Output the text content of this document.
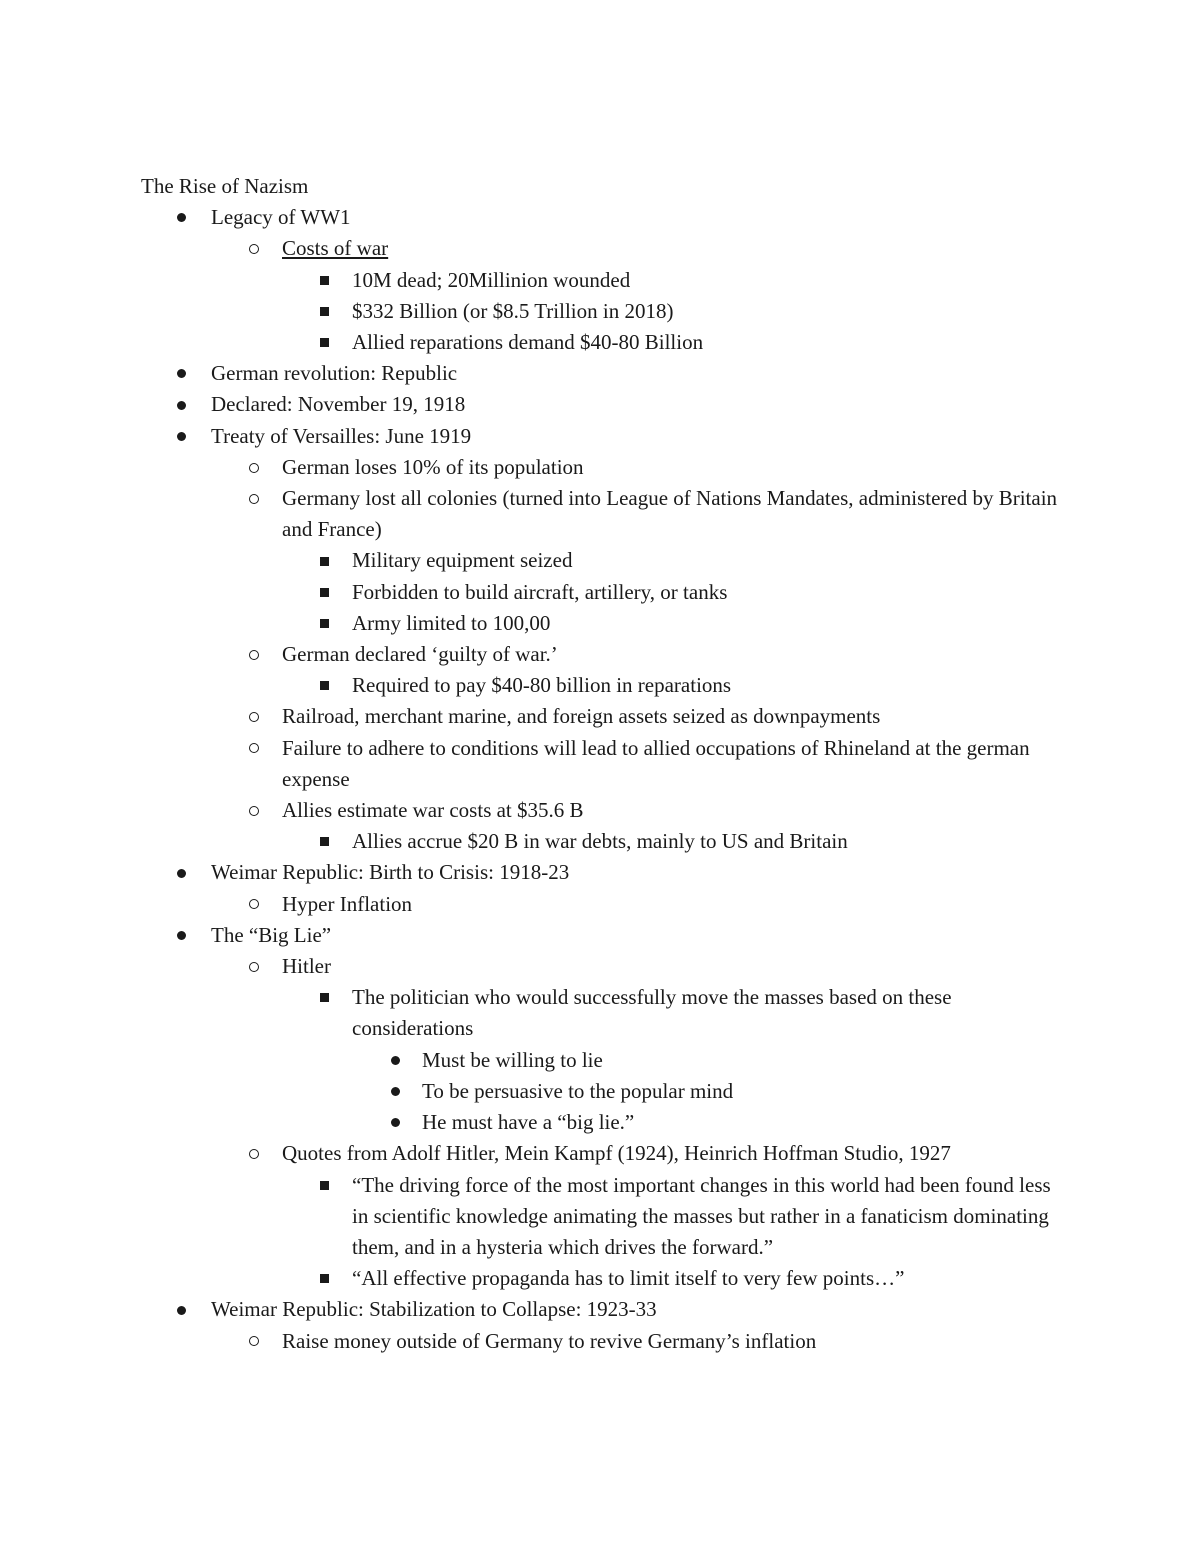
The Rise of Nazism

Legacy of WW1
Costs of war
10M dead; 20Millinion wounded
$332 Billion (or $8.5 Trillion in 2018)
Allied reparations demand $40-80 Billion
German revolution: Republic
Declared: November 19, 1918
Treaty of Versailles: June 1919
German loses 10% of its population
Germany lost all colonies (turned into League of Nations Mandates, administered by Britain and France)
Military equipment seized
Forbidden to build aircraft, artillery, or tanks
Army limited to 100,00
German declared ‘guilty of war.’
Required to pay $40-80 billion in reparations
Railroad, merchant marine, and foreign assets seized as downpayments
Failure to adhere to conditions will lead to allied occupations of Rhineland at the german expense
Allies estimate war costs at $35.6 B
Allies accrue $20 B in war debts, mainly to US and Britain
Weimar Republic: Birth to Crisis: 1918-23
Hyper Inflation
The “Big Lie”
Hitler
The politician who would successfully move the masses based on these considerations
Must be willing to lie
To be persuasive to the popular mind
He must have a “big lie.”
Quotes from Adolf Hitler, Mein Kampf (1924), Heinrich Hoffman Studio, 1927
“The driving force of the most important changes in this world had been found less in scientific knowledge animating the masses but rather in a fanaticism dominating them, and in a hysteria which drives the forward.”
“All effective propaganda has to limit itself to very few points…”
Weimar Republic: Stabilization to Collapse: 1923-33
Raise money outside of Germany to revive Germany’s inflation
